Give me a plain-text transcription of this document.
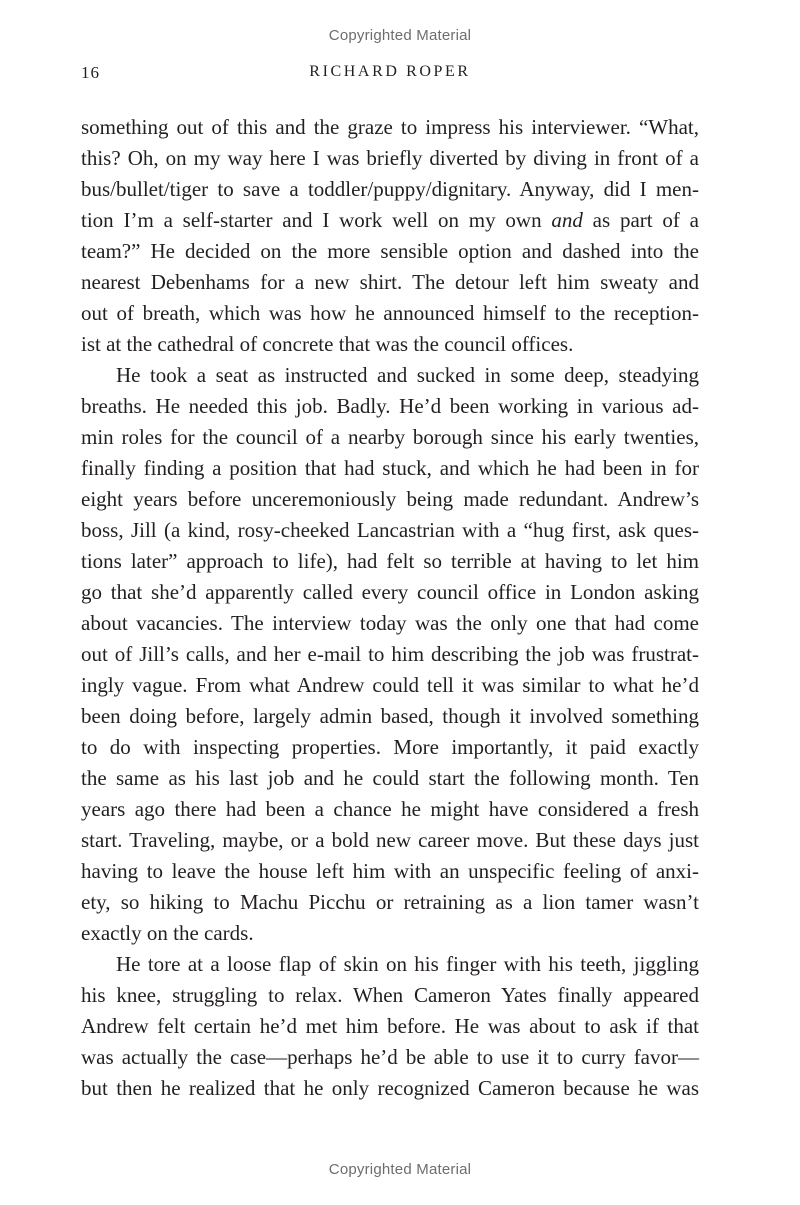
Copyrighted Material
16	RICHARD ROPER
something out of this and the graze to impress his interviewer. “What,
this? Oh, on my way here I was briefly diverted by diving in front of a
bus/bullet/tiger to save a toddler/puppy/dignitary. Anyway, did I men-
tion I’m a self-starter and I work well on my own and as part of a
team?” He decided on the more sensible option and dashed into the
nearest Debenhams for a new shirt. The detour left him sweaty and
out of breath, which was how he announced himself to the reception-
ist at the cathedral of concrete that was the council offices.
He took a seat as instructed and sucked in some deep, steadying
breaths. He needed this job. Badly. He’d been working in various ad-
min roles for the council of a nearby borough since his early twenties,
finally finding a position that had stuck, and which he had been in for
eight years before unceremoniously being made redundant. Andrew’s
boss, Jill (a kind, rosy-cheeked Lancastrian with a “hug first, ask ques-
tions later” approach to life), had felt so terrible at having to let him
go that she’d apparently called every council office in London asking
about vacancies. The interview today was the only one that had come
out of Jill’s calls, and her e-mail to him describing the job was frustrat-
ingly vague. From what Andrew could tell it was similar to what he’d
been doing before, largely admin based, though it involved something
to do with inspecting properties. More importantly, it paid exactly
the same as his last job and he could start the following month. Ten
years ago there had been a chance he might have considered a fresh
start. Traveling, maybe, or a bold new career move. But these days just
having to leave the house left him with an unspecific feeling of anxi-
ety, so hiking to Machu Picchu or retraining as a lion tamer wasn’t
exactly on the cards.
He tore at a loose flap of skin on his finger with his teeth, jiggling
his knee, struggling to relax. When Cameron Yates finally appeared
Andrew felt certain he’d met him before. He was about to ask if that
was actually the case—perhaps he’d be able to use it to curry favor—
but then he realized that he only recognized Cameron because he was
Copyrighted Material
